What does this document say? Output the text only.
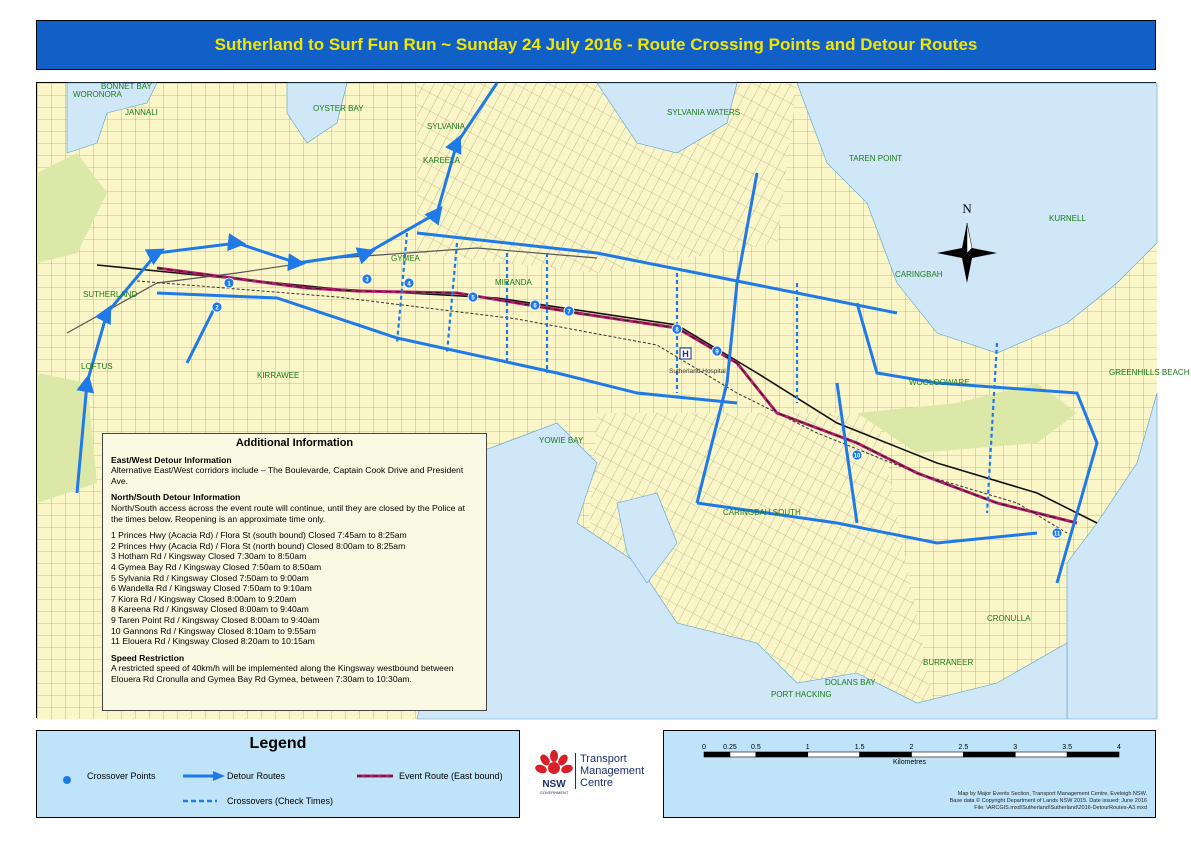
Sutherland to Surf Fun Run ~ Sunday 24 July 2016 - Route Crossing Points and Detour Routes
WORONORA
BONNET BAY
JANNALI	OYSTER BAY
SYLVANIA
KAREELA
SYLVANIA WATERS
TAREN POINT
KURNELL
CARINGBAH
GYMEA
MIRANDA
SUTHERLAND
LOFTUS
KIRRAWEE
WOOLOOWARE
GREENHILLS BEACH
YOWIE BAY
CARINGBAH SOUTH
CRONULLA
BURRANEER
PORT HACKING
DOLANS BAY
1
2
3
4
5
6
7
8
9
10
11
H
Sutherland Hospital
N
Additional Information
East/West Detour Information
Alternative East/West corridors include – The Boulevarde, Captain Cook Drive and President Ave.
North/South Detour Information
North/South access across the event route will continue, until they are closed by the Police at the times below. Reopening is an approximate time only.
1 Princes Hwy (Acacia Rd) / Flora St (south bound) Closed 7:45am to 8:25am
2 Princes Hwy (Acacia Rd) / Flora St (north bound) Closed 8:00am to 8:25am
3 Hotham Rd / Kingsway Closed 7:30am to 8:50am
4 Gymea Bay Rd / Kingsway Closed 7:50am to 8:50am
5 Sylvania Rd / Kingsway Closed 7:50am to 9:00am
6 Wandella Rd / Kingsway Closed 7:50am to 9:10am
7 Kiora Rd / Kingsway Closed 8:00am to 9:20am
8 Kareena Rd / Kingsway Closed 8:00am to 9:40am
9 Taren Point Rd / Kingsway Closed 8:00am to 9:40am
10 Gannons Rd / Kingsway Closed 8:10am to 9:55am
11 Elouera Rd / Kingsway Closed 8:20am to 10:15am
Speed Restriction
A restricted speed of 40km/h will be implemented along the Kingsway westbound between Elouera Rd Cronulla and Gymea Bay Rd Gymea, between 7:30am to 10:30am.
Legend
Crossover Points	Detour Routes	Event Route (East bound)
Crossovers (Check Times)
NSW
GOVERNMENT
Transport
Management
Centre
0 0.25 0.5	1	1.5	2	2.5	3	3.5	4
Kilometres
Map by Major Events Section, Transport Management Centre, Eveleigh NSW.
Base data © Copyright Department of Lands NSW 2015. Date issued: June 2016
File: \ARCGIS.mxd\Sutherland\Sutherland\2016-DetourRoutes-A3.mxd
